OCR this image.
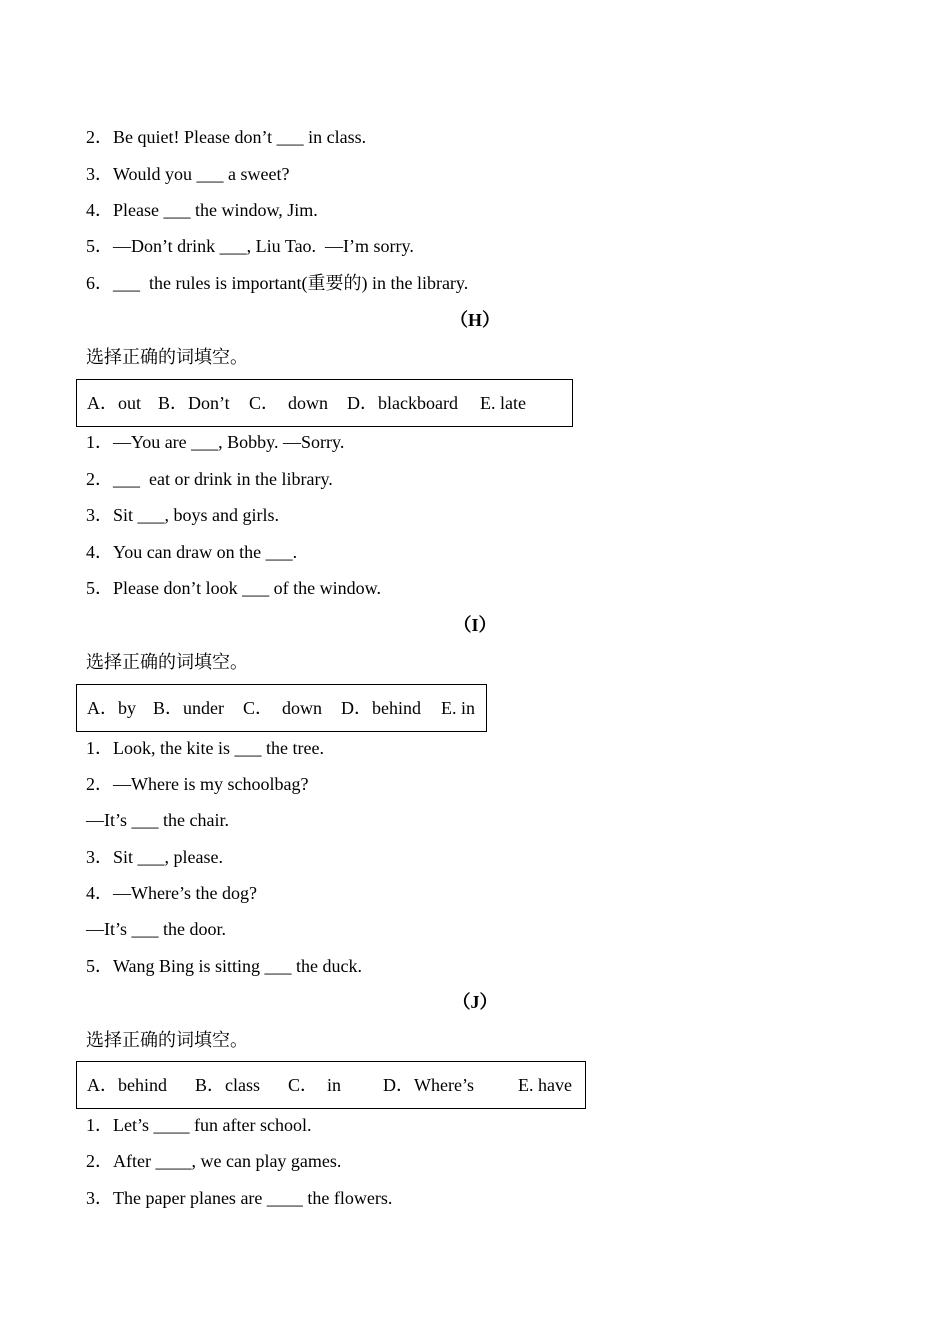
2．Be quiet! Please don’t ___ in class.
3．Would you ___ a sweet?
4．Please ___ the window, Jim.
5．—Don’t drink ___, Liu Tao.  —I’m sorry.
6．___  the rules is important(重要的) in the library.
（H）
选择正确的词填空。
A．out B．Don’t C．  down D．blackboard E. late
1．—You are ___, Bobby. —Sorry.
2．___  eat or drink in the library.
3．Sit ___, boys and girls.
4．You can draw on the ___.
5．Please don’t look ___ of the window.
（I）
选择正确的词填空。
A．by B．under C．  down D．behind E. in
1．Look, the kite is ___ the tree.
2．—Where is my schoolbag?
—It’s ___ the chair.
3．Sit ___, please.
4．—Where’s the dog?
—It’s ___ the door.
5．Wang Bing is sitting ___ the duck.
（J）
选择正确的词填空。
A．behind B．class C．  in D．Where’s E. have
1．Let’s ____ fun after school.
2．After ____, we can play games.
3．The paper planes are ____ the flowers.
